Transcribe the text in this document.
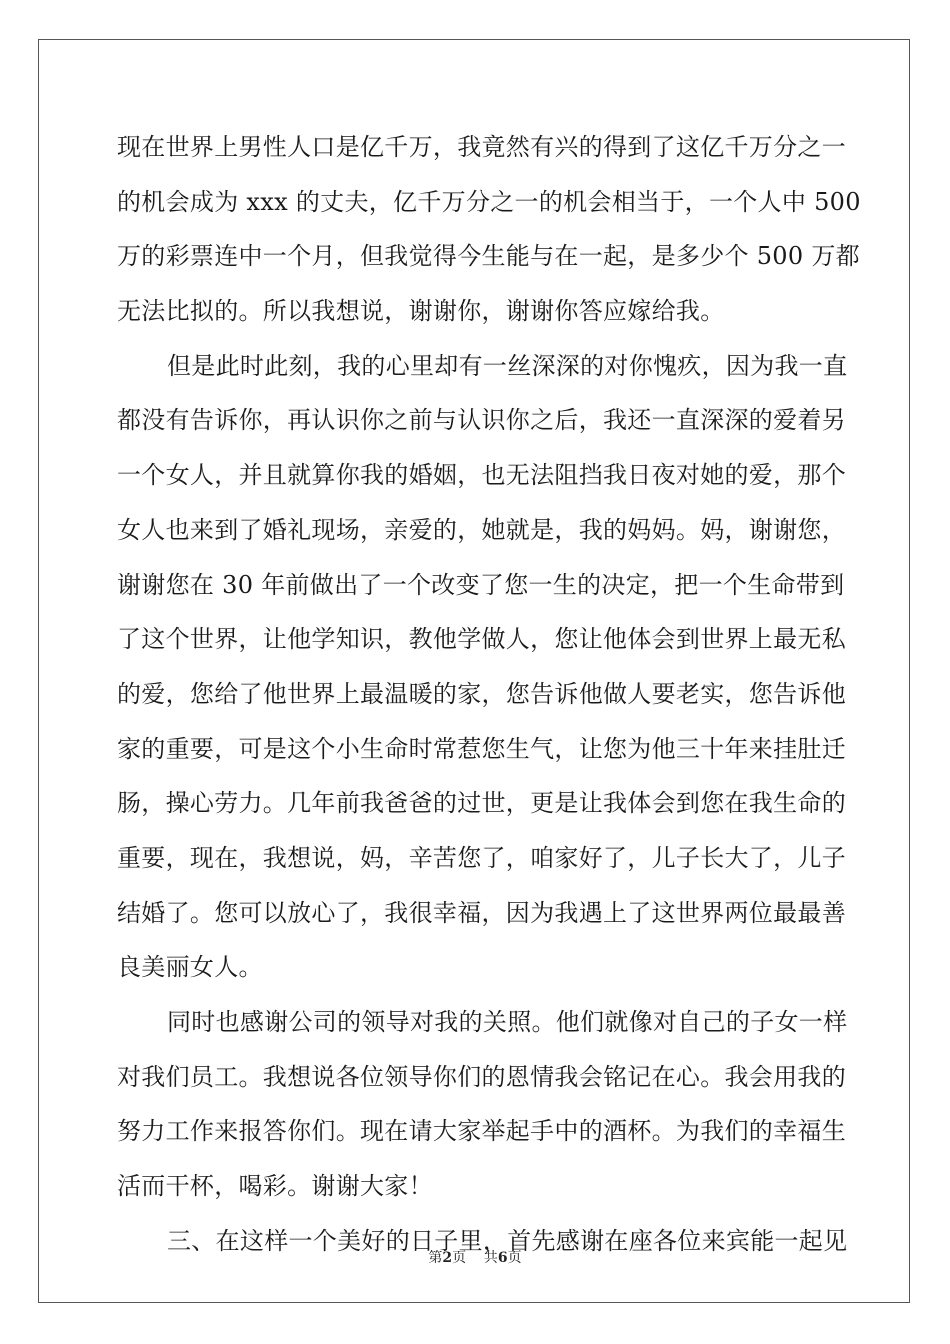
现在世界上男性人口是亿千万，我竟然有兴的得到了这亿千万分之一
的机会成为 xxx 的丈夫，亿千万分之一的机会相当于，一个人中 500
万的彩票连中一个月，但我觉得今生能与在一起，是多少个 500 万都
无法比拟的。所以我想说，谢谢你，谢谢你答应嫁给我。
但是此时此刻，我的心里却有一丝深深的对你愧疚，因为我一直
都没有告诉你，再认识你之前与认识你之后，我还一直深深的爱着另
一个女人，并且就算你我的婚姻，也无法阻挡我日夜对她的爱，那个
女人也来到了婚礼现场，亲爱的，她就是，我的妈妈。妈，谢谢您，
谢谢您在 30 年前做出了一个改变了您一生的决定，把一个生命带到
了这个世界，让他学知识，教他学做人，您让他体会到世界上最无私
的爱，您给了他世界上最温暖的家，您告诉他做人要老实，您告诉他
家的重要，可是这个小生命时常惹您生气，让您为他三十年来挂肚迁
肠，操心劳力。几年前我爸爸的过世，更是让我体会到您在我生命的
重要，现在，我想说，妈，辛苦您了，咱家好了，儿子长大了，儿子
结婚了。您可以放心了，我很幸福，因为我遇上了这世界两位最最善
良美丽女人。
同时也感谢公司的领导对我的关照。他们就像对自己的子女一样
对我们员工。我想说各位领导你们的恩情我会铭记在心。我会用我的
努力工作来报答你们。现在请大家举起手中的酒杯。为我们的幸福生
活而干杯，喝彩。谢谢大家！
三、在这样一个美好的日子里，首先感谢在座各位来宾能一起见
第2页 共6页
